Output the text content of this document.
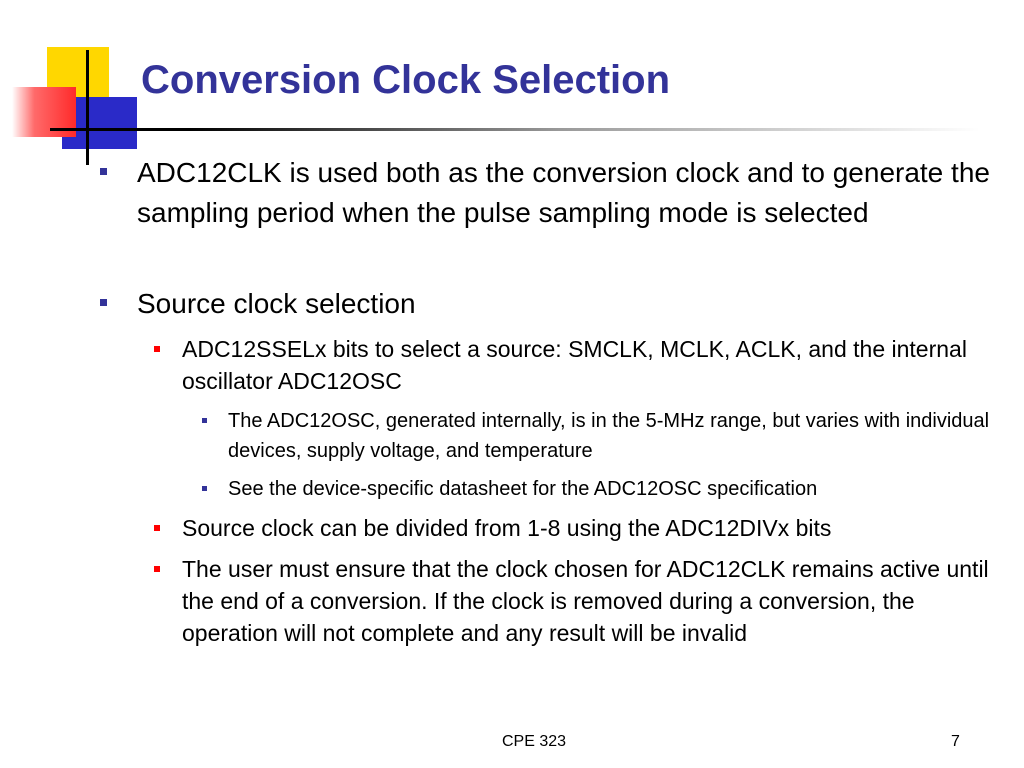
Conversion Clock Selection
ADC12CLK is used both as the conversion clock and to generate the sampling period when the pulse sampling mode is selected
Source clock selection
ADC12SSELx bits to select a source: SMCLK, MCLK, ACLK, and the internal oscillator ADC12OSC
The ADC12OSC, generated internally, is in the 5-MHz range, but varies with individual devices, supply voltage, and temperature
See the device-specific datasheet for the ADC12OSC specification
Source clock can be divided from 1-8 using the ADC12DIVx bits
The user must ensure that the clock chosen for ADC12CLK remains active until the end of a conversion. If the clock is removed during a conversion, the operation will not complete and any result will be invalid
CPE 323	7
